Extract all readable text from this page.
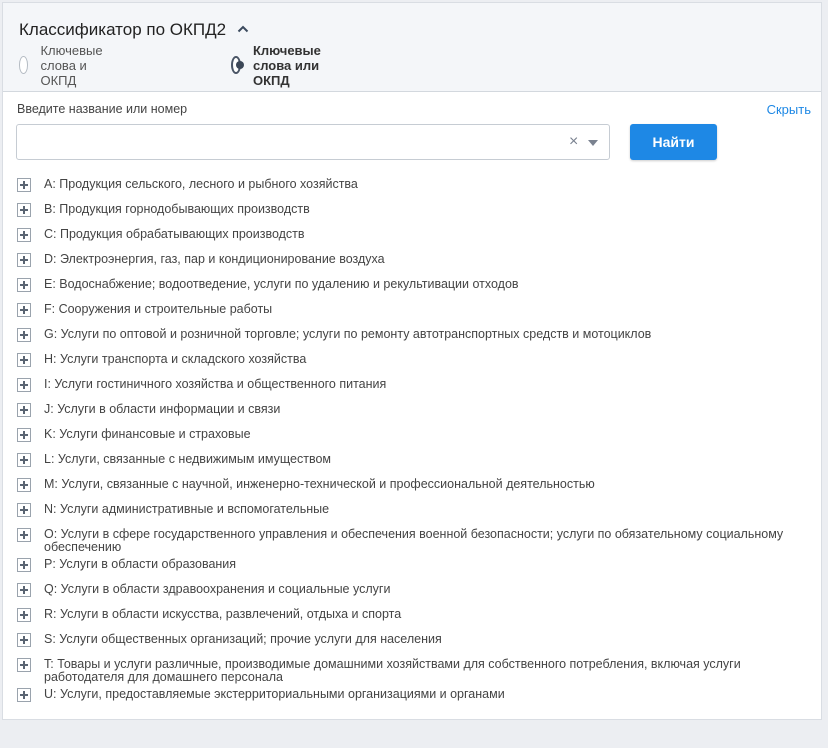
Классификатор по ОКПД2
Ключевые слова и ОКПД
Ключевые слова или ОКПД
Введите название или номер	Скрыть
×	Найти
A: Продукция сельского, лесного и рыбного хозяйства
B: Продукция горнодобывающих производств
C: Продукция обрабатывающих производств
D: Электроэнергия, газ, пар и кондиционирование воздуха
E: Водоснабжение; водоотведение, услуги по удалению и рекультивации отходов
F: Сооружения и строительные работы
G: Услуги по оптовой и розничной торговле; услуги по ремонту автотранспортных средств и мотоциклов
H: Услуги транспорта и складского хозяйства
I: Услуги гостиничного хозяйства и общественного питания
J: Услуги в области информации и связи
K: Услуги финансовые и страховые
L: Услуги, связанные с недвижимым имуществом
M: Услуги, связанные с научной, инженерно-технической и профессиональной деятельностью
N: Услуги административные и вспомогательные
O: Услуги в сфере государственного управления и обеспечения военной безопасности; услуги по обязательному социальному обеспечению
P: Услуги в области образования
Q: Услуги в области здравоохранения и социальные услуги
R: Услуги в области искусства, развлечений, отдыха и спорта
S: Услуги общественных организаций; прочие услуги для населения
T: Товары и услуги различные, производимые домашними хозяйствами для собственного потребления, включая услуги работодателя для домашнего персонала
U: Услуги, предоставляемые экстерриториальными организациями и органами
